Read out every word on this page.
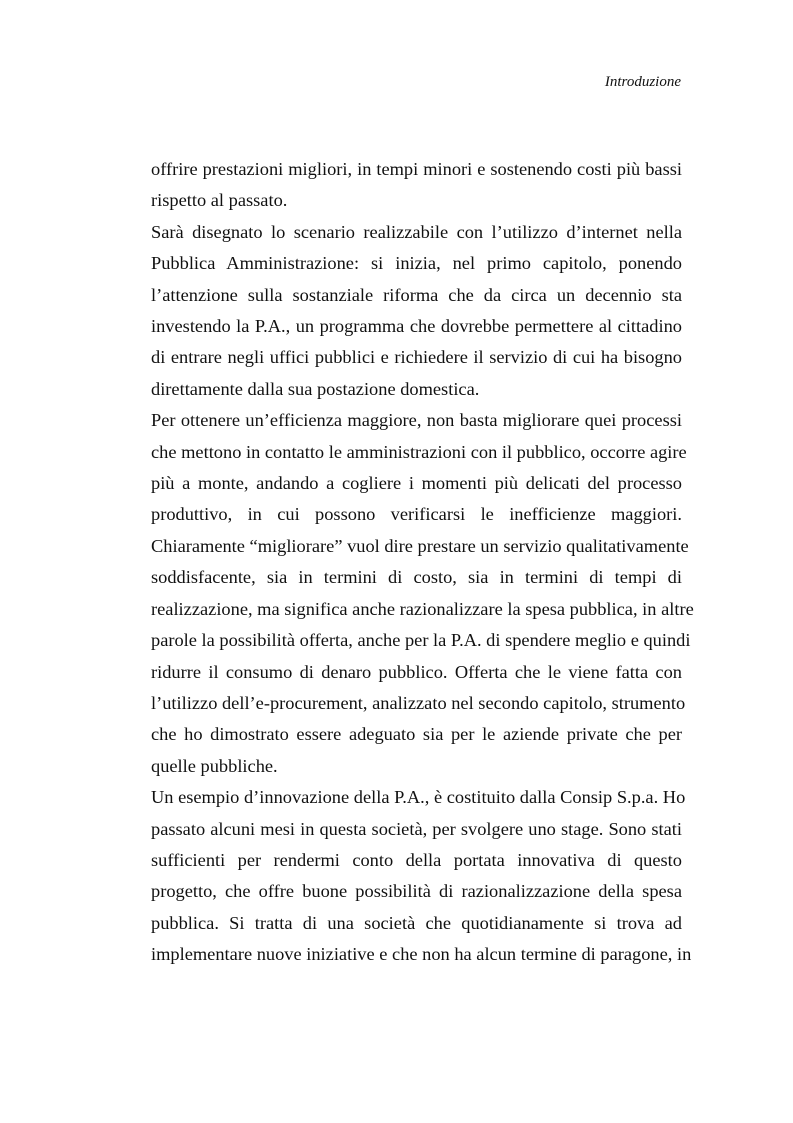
Introduzione

offrire prestazioni migliori, in tempi minori e sostenendo costi più bassi
rispetto al passato.

Sarà disegnato lo scenario realizzabile con l’utilizzo d’internet nella
Pubblica Amministrazione: si inizia, nel primo capitolo, ponendo
l’attenzione sulla sostanziale riforma che da circa un decennio sta
investendo la P.A., un programma che dovrebbe permettere al cittadino
di entrare negli uffici pubblici e richiedere il servizio di cui ha bisogno
direttamente dalla sua postazione domestica.

Per ottenere un’efficienza maggiore, non basta migliorare quei processi
che mettono in contatto le amministrazioni con il pubblico, occorre agire
più a monte, andando a cogliere i momenti più delicati del processo
produttivo, in cui possono verificarsi le inefficienze maggiori.
Chiaramente “migliorare” vuol dire prestare un servizio qualitativamente
soddisfacente, sia in termini di costo, sia in termini di tempi di
realizzazione, ma significa anche razionalizzare la spesa pubblica, in altre
parole la possibilità offerta, anche per la P.A. di spendere meglio e quindi
ridurre il consumo di denaro pubblico. Offerta che le viene fatta con
l’utilizzo dell’e-procurement, analizzato nel secondo capitolo, strumento
che ho dimostrato essere adeguato sia per le aziende private che per
quelle pubbliche.

Un esempio d’innovazione della P.A., è costituito dalla Consip S.p.a. Ho
passato alcuni mesi in questa società, per svolgere uno stage. Sono stati
sufficienti per rendermi conto della portata innovativa di questo
progetto, che offre buone possibilità di razionalizzazione della spesa
pubblica. Si tratta di una società che quotidianamente si trova ad
implementare nuove iniziative e che non ha alcun termine di paragone, in
